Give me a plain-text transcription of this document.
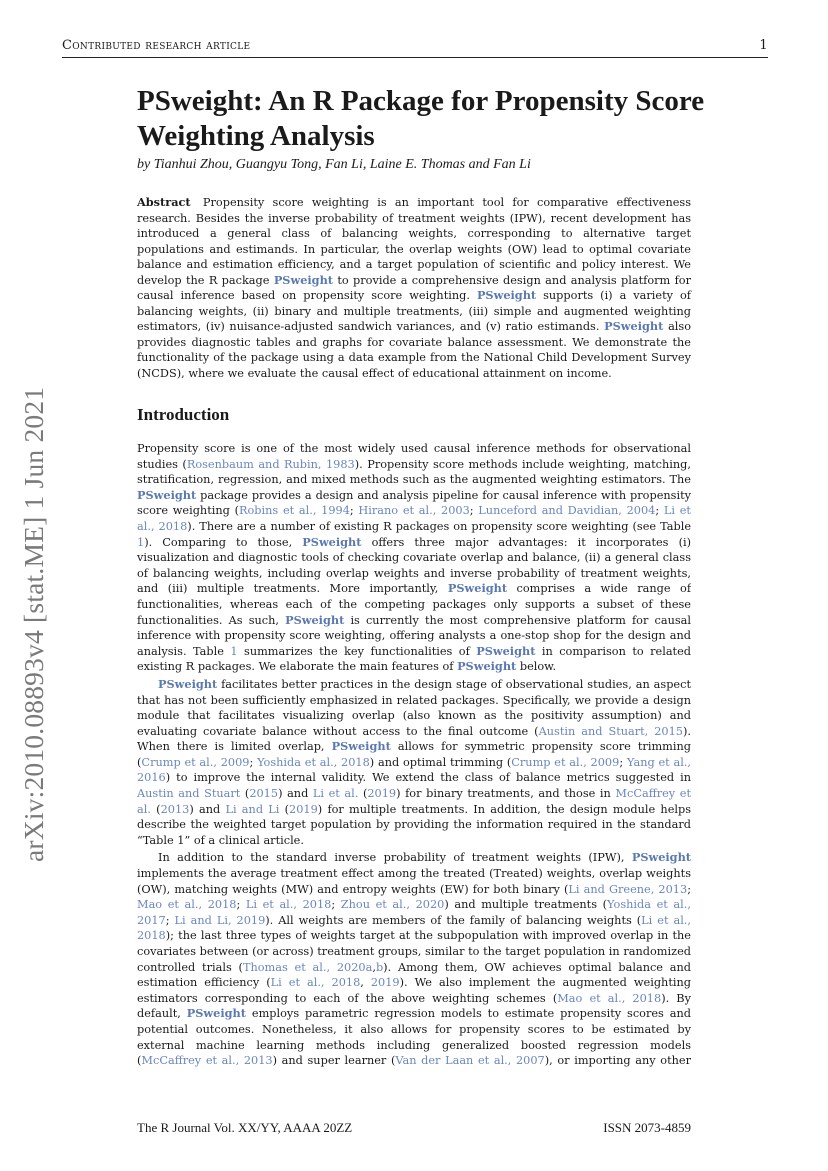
Contributed research article	1
arXiv:2010.08893v4 [stat.ME] 1 Jun 2021
PSweight: An R Package for Propensity Score Weighting Analysis
by Tianhui Zhou, Guangyu Tong, Fan Li, Laine E. Thomas and Fan Li

Abstract Propensity score weighting is an important tool for comparative effectiveness research. Besides the inverse probability of treatment weights (IPW), recent development has introduced a general class of balancing weights, corresponding to alternative target populations and estimands. In particular, the overlap weights (OW) lead to optimal covariate balance and estimation efficiency, and a target population of scientific and policy interest. We develop the R package PSweight to provide a comprehensive design and analysis platform for causal inference based on propensity score weighting. PSweight supports (i) a variety of balancing weights, (ii) binary and multiple treatments, (iii) simple and augmented weighting estimators, (iv) nuisance-adjusted sandwich variances, and (v) ratio estimands. PSweight also provides diagnostic tables and graphs for covariate balance assessment. We demonstrate the functionality of the package using a data example from the National Child Development Survey (NCDS), where we evaluate the causal effect of educational attainment on income.

Introduction

Propensity score is one of the most widely used causal inference methods for observational studies (Rosenbaum and Rubin, 1983). Propensity score methods include weighting, matching, stratification, regression, and mixed methods such as the augmented weighting estimators. The PSweight package provides a design and analysis pipeline for causal inference with propensity score weighting (Robins et al., 1994; Hirano et al., 2003; Lunceford and Davidian, 2004; Li et al., 2018). There are a number of existing R packages on propensity score weighting (see Table 1). Comparing to those, PSweight offers three major advantages: it incorporates (i) visualization and diagnostic tools of checking covariate overlap and balance, (ii) a general class of balancing weights, including overlap weights and inverse probability of treatment weights, and (iii) multiple treatments. More importantly, PSweight comprises a wide range of functionalities, whereas each of the competing packages only supports a subset of these functionalities. As such, PSweight is currently the most comprehensive platform for causal inference with propensity score weighting, offering analysts a one-stop shop for the design and analysis. Table 1 summarizes the key functionalities of PSweight in comparison to related existing R packages. We elaborate the main features of PSweight below.

PSweight facilitates better practices in the design stage of observational studies, an aspect that has not been sufficiently emphasized in related packages. Specifically, we provide a design module that facilitates visualizing overlap (also known as the positivity assumption) and evaluating covariate balance without access to the final outcome (Austin and Stuart, 2015). When there is limited overlap, PSweight allows for symmetric propensity score trimming (Crump et al., 2009; Yoshida et al., 2018) and optimal trimming (Crump et al., 2009; Yang et al., 2016) to improve the internal validity. We extend the class of balance metrics suggested in Austin and Stuart (2015) and Li et al. (2019) for binary treatments, and those in McCaffrey et al. (2013) and Li and Li (2019) for multiple treatments. In addition, the design module helps describe the weighted target population by providing the information required in the standard “Table 1” of a clinical article.

In addition to the standard inverse probability of treatment weights (IPW), PSweight implements the average treatment effect among the treated (Treated) weights, overlap weights (OW), matching weights (MW) and entropy weights (EW) for both binary (Li and Greene, 2013; Mao et al., 2018; Li et al., 2018; Zhou et al., 2020) and multiple treatments (Yoshida et al., 2017; Li and Li, 2019). All weights are members of the family of balancing weights (Li et al., 2018); the last three types of weights target at the subpopulation with improved overlap in the covariates between (or across) treatment groups, similar to the target population in randomized controlled trials (Thomas et al., 2020a,b). Among them, OW achieves optimal balance and estimation efficiency (Li et al., 2018, 2019). We also implement the augmented weighting estimators corresponding to each of the above weighting schemes (Mao et al., 2018). By default, PSweight employs parametric regression models to estimate propensity scores and potential outcomes. Nonetheless, it also allows for propensity scores to be estimated by external machine learning methods including generalized boosted regression models (McCaffrey et al., 2013) and super learner (Van der Laan et al., 2007), or importing any other

The R Journal Vol. XX/YY, AAAA 20ZZ	ISSN 2073-4859
